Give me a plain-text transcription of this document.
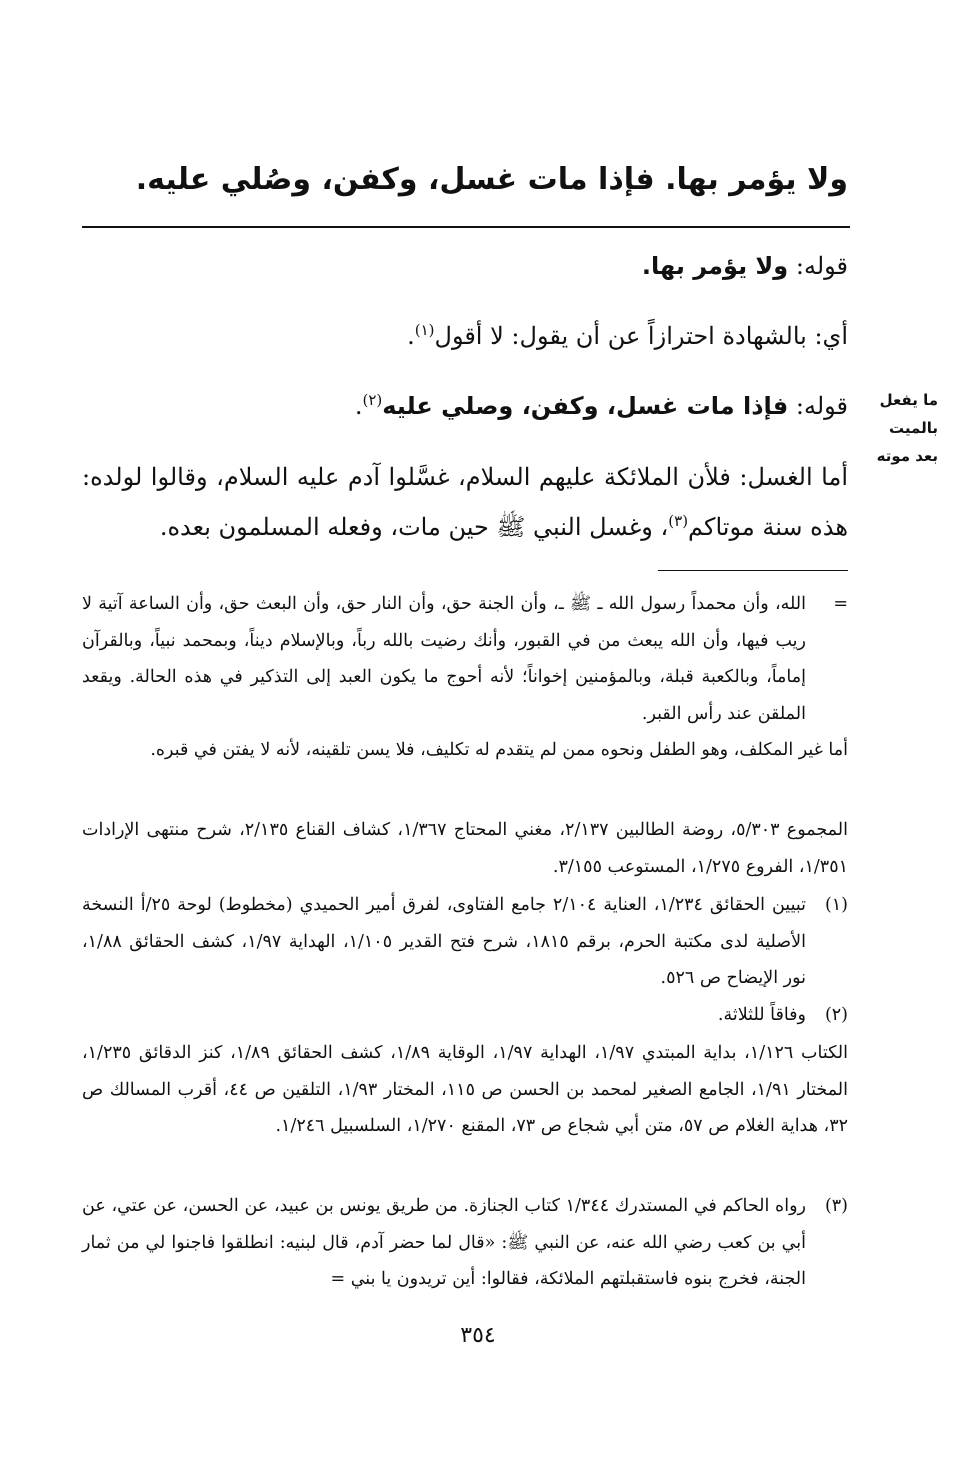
ولا يؤمر بها. فإذا مات غسل، وكفن، وصُلي عليه.
قوله: ولا يؤمر بها.
أي: بالشهادة احترازاً عن أن يقول: لا أقول$^{(١)}$.
قوله: فإذا مات غسل، وكفن، وصلي عليه$^{(٢)}$.	ما يفعل
بالميت
بعد موته
أما الغسل: فلأن الملائكة عليهم السلام، غسَّلوا آدم عليه السلام، وقالوا لولده: هذه سنة موتاكم$^{(٣)}$، وغسل النبي ﷺ حين مات، وفعله المسلمون بعده.
=
الله، وأن محمداً رسول الله ـ ﷺ ـ، وأن الجنة حق، وأن النار حق، وأن البعث حق، وأن الساعة آتية لا ريب فيها، وأن الله يبعث من في القبور، وأنك رضيت بالله رباً، وبالإسلام ديناً، وبمحمد نبياً، وبالقرآن إماماً، وبالكعبة قبلة، وبالمؤمنين إخواناً؛ لأنه أحوج ما يكون العبد إلى التذكير في هذه الحالة. ويقعد الملقن عند رأس القبر.
أما غير المكلف، وهو الطفل ونحوه ممن لم يتقدم له تكليف، فلا يسن تلقينه، لأنه لا يفتن في قبره.
المجموع ٥/٣٠٣، روضة الطالبين ٢/١٣٧، مغني المحتاج ١/٣٦٧، كشاف القناع ٢/١٣٥، شرح منتهى الإرادات ١/٣٥١، الفروع ١/٢٧٥، المستوعب ٣/١٥٥.
(١)
تبيين الحقائق ١/٢٣٤، العناية ٢/١٠٤ جامع الفتاوى، لفرق أمير الحميدي (مخطوط) لوحة ٢٥/أ النسخة الأصلية لدى مكتبة الحرم، برقم ١٨١٥، شرح فتح القدير ١/١٠٥، الهداية ١/٩٧، كشف الحقائق ١/٨٨، نور الإيضاح ص ٥٢٦.
(٢)
وفاقاً للثلاثة.
الكتاب ١/١٢٦، بداية المبتدي ١/٩٧، الهداية ١/٩٧، الوقاية ١/٨٩، كشف الحقائق ١/٨٩، كنز الدقائق ١/٢٣٥، المختار ١/٩١، الجامع الصغير لمحمد بن الحسن ص ١١٥، المختار ١/٩٣، التلقين ص ٤٤، أقرب المسالك ص ٣٢، هداية الغلام ص ٥٧، متن أبي شجاع ص ٧٣، المقنع ١/٢٧٠، السلسبيل ١/٢٤٦.
(٣)
رواه الحاكم في المستدرك ١/٣٤٤ كتاب الجنازة. من طريق يونس بن عبيد، عن الحسن، عن عتي، عن أبي بن كعب رضي الله عنه، عن النبي ﷺ: «قال لما حضر آدم، قال لبنيه: انطلقوا فاجنوا لي من ثمار الجنة، فخرج بنوه فاستقبلتهم الملائكة، فقالوا: أين تريدون يا بني =
٣٥٤
